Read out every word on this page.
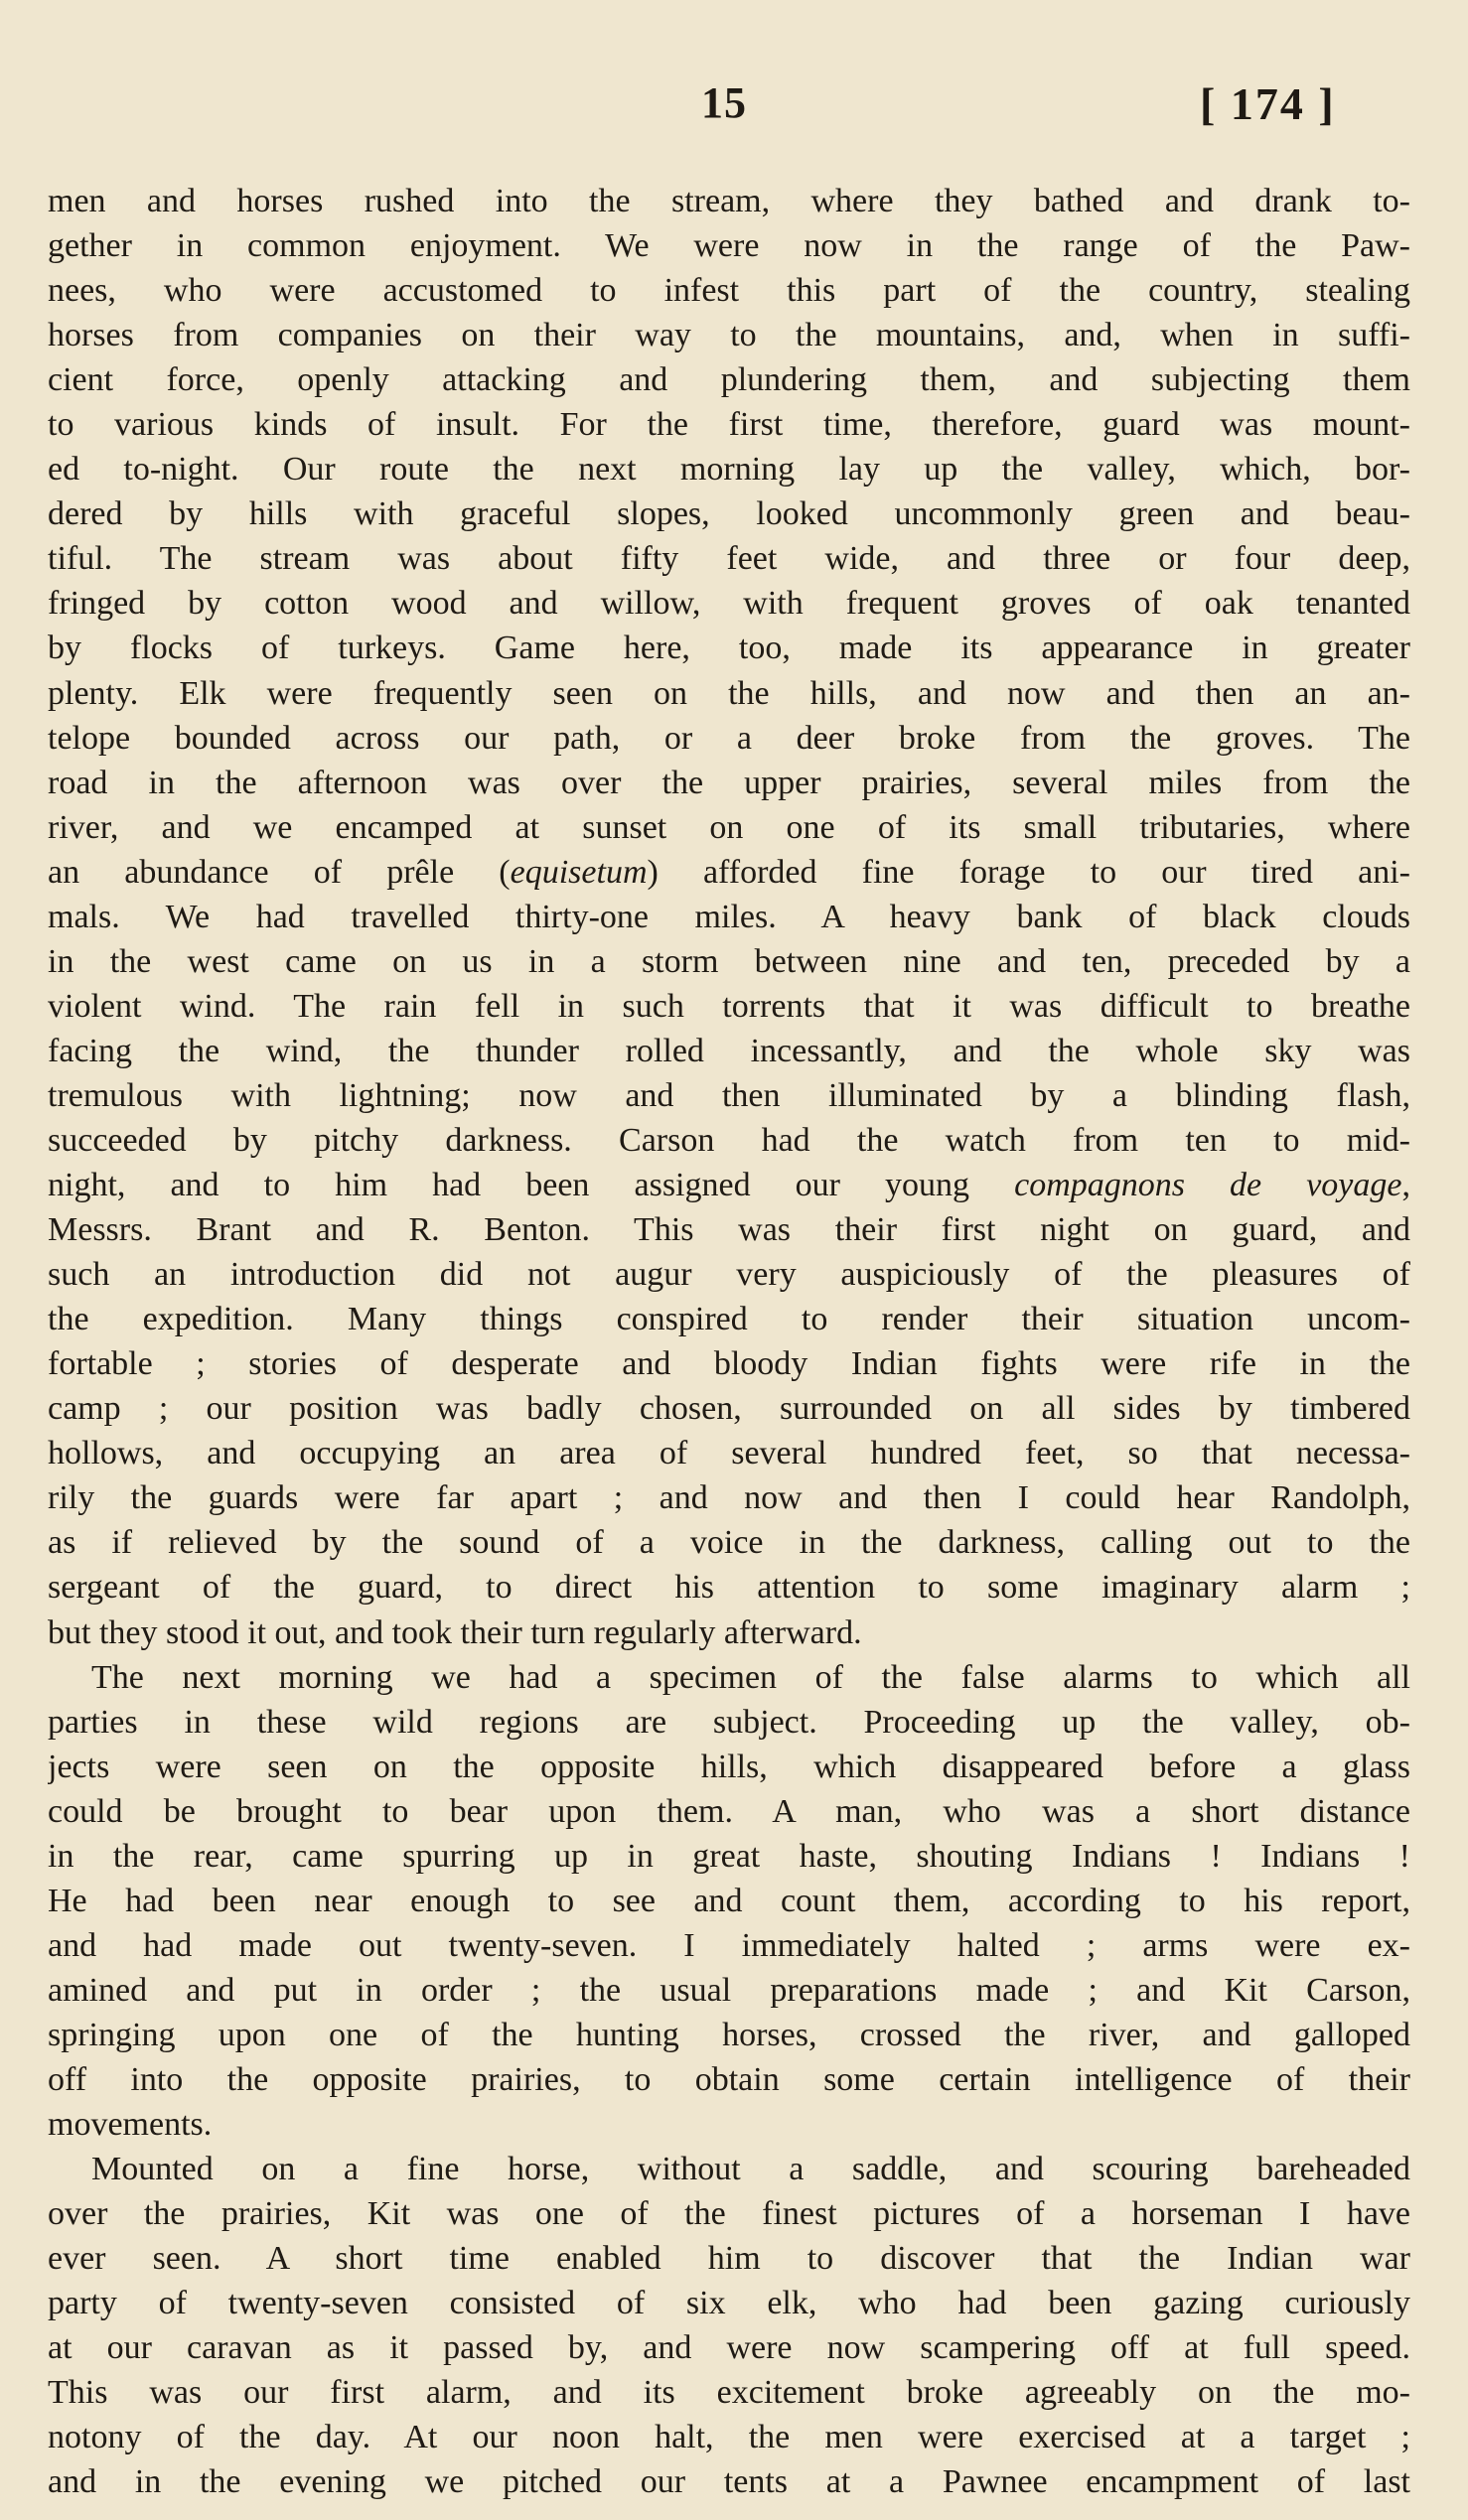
15	[ 174 ]
men and horses rushed into the stream, where they bathed and drank to-
gether in common enjoyment. We were now in the range of the Paw-
nees, who were accustomed to infest this part of the country, stealing
horses from companies on their way to the mountains, and, when in suffi-
cient force, openly attacking and plundering them, and subjecting them
to various kinds of insult. For the first time, therefore, guard was mount-
ed to-night. Our route the next morning lay up the valley, which, bor-
dered by hills with graceful slopes, looked uncommonly green and beau-
tiful. The stream was about fifty feet wide, and three or four deep,
fringed by cotton wood and willow, with frequent groves of oak tenanted
by flocks of turkeys. Game here, too, made its appearance in greater
plenty. Elk were frequently seen on the hills, and now and then an an-
telope bounded across our path, or a deer broke from the groves. The
road in the afternoon was over the upper prairies, several miles from the
river, and we encamped at sunset on one of its small tributaries, where
an abundance of prêle (equisetum) afforded fine forage to our tired ani-
mals. We had travelled thirty-one miles. A heavy bank of black clouds
in the west came on us in a storm between nine and ten, preceded by a
violent wind. The rain fell in such torrents that it was difficult to breathe
facing the wind, the thunder rolled incessantly, and the whole sky was
tremulous with lightning; now and then illuminated by a blinding flash,
succeeded by pitchy darkness. Carson had the watch from ten to mid-
night, and to him had been assigned our young compagnons de voyage,
Messrs. Brant and R. Benton. This was their first night on guard, and
such an introduction did not augur very auspiciously of the pleasures of
the expedition. Many things conspired to render their situation uncom-
fortable ; stories of desperate and bloody Indian fights were rife in the
camp ; our position was badly chosen, surrounded on all sides by timbered
hollows, and occupying an area of several hundred feet, so that necessa-
rily the guards were far apart ; and now and then I could hear Randolph,
as if relieved by the sound of a voice in the darkness, calling out to the
sergeant of the guard, to direct his attention to some imaginary alarm ;
but they stood it out, and took their turn regularly afterward.
The next morning we had a specimen of the false alarms to which all
parties in these wild regions are subject. Proceeding up the valley, ob-
jects were seen on the opposite hills, which disappeared before a glass
could be brought to bear upon them. A man, who was a short distance
in the rear, came spurring up in great haste, shouting Indians ! Indians !
He had been near enough to see and count them, according to his report,
and had made out twenty-seven. I immediately halted ; arms were ex-
amined and put in order ; the usual preparations made ; and Kit Carson,
springing upon one of the hunting horses, crossed the river, and galloped
off into the opposite prairies, to obtain some certain intelligence of their
movements.
Mounted on a fine horse, without a saddle, and scouring bareheaded
over the prairies, Kit was one of the finest pictures of a horseman I have
ever seen. A short time enabled him to discover that the Indian war
party of twenty-seven consisted of six elk, who had been gazing curiously
at our caravan as it passed by, and were now scampering off at full speed.
This was our first alarm, and its excitement broke agreeably on the mo-
notony of the day. At our noon halt, the men were exercised at a target ;
and in the evening we pitched our tents at a Pawnee encampment of last
